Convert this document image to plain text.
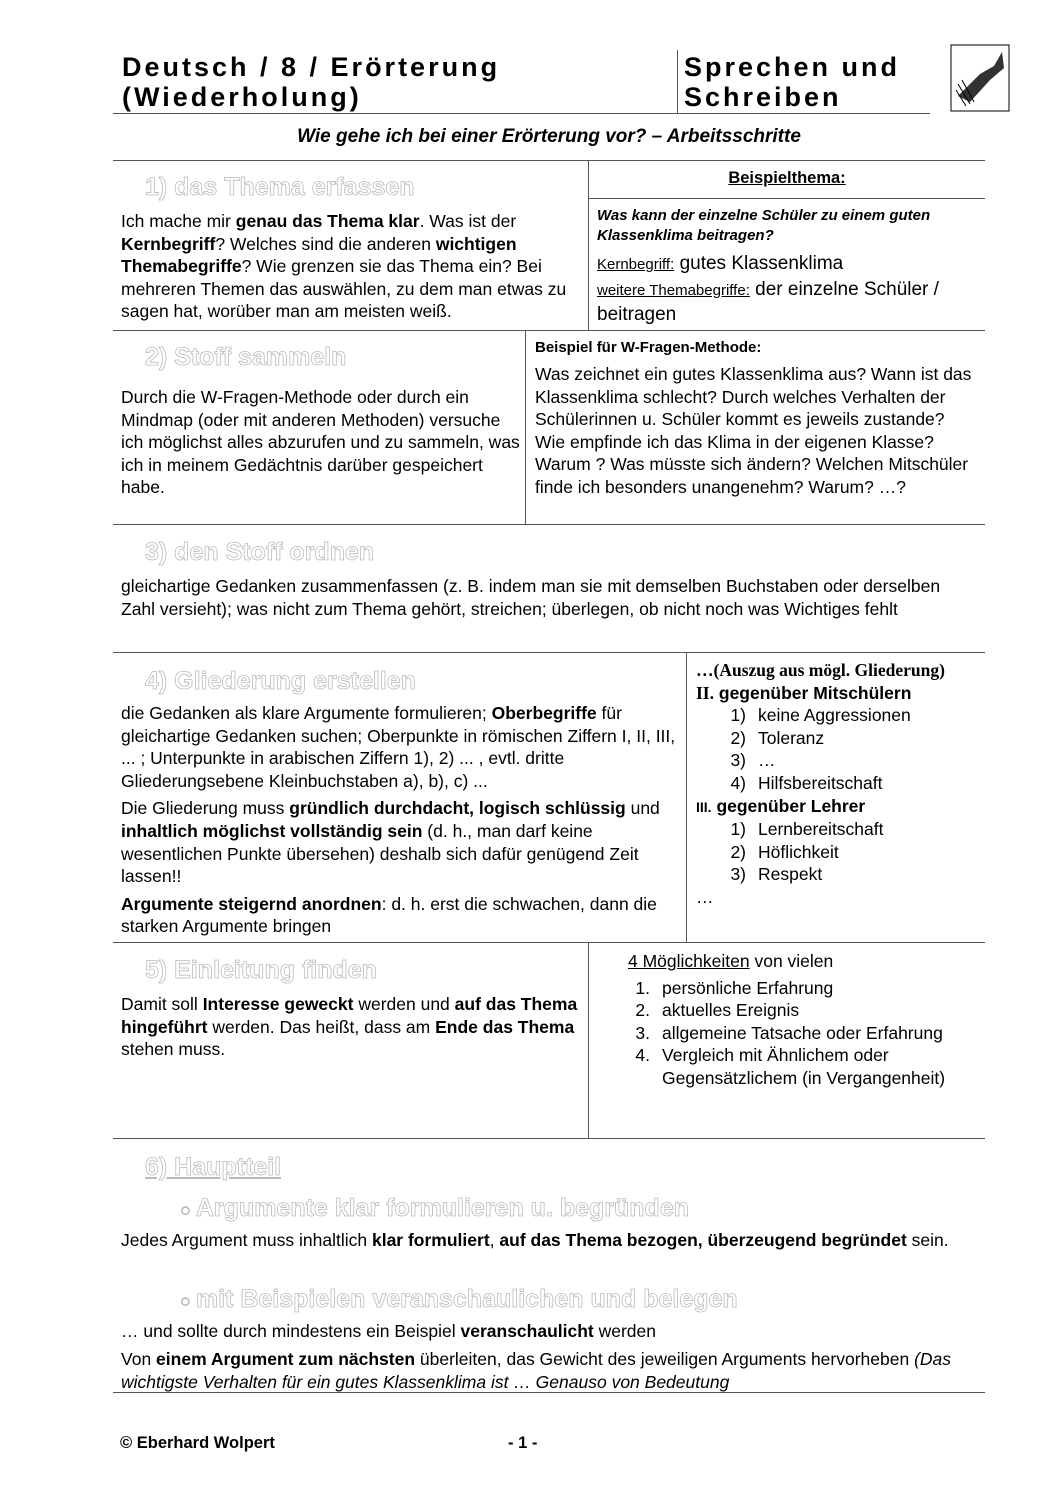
Deutsch / 8 / Erörterung
(Wiederholung)
Sprechen und
Schreiben
Wie gehe ich bei einer Erörterung vor? – Arbeitsschritte
1) das Thema erfassen
Ich mache mir genau das Thema klar. Was ist der Kernbegriff? Welches sind die anderen wichtigen Themabegriffe? Wie grenzen sie das Thema ein? Bei mehreren Themen das auswählen, zu dem man etwas zu sagen hat, worüber man am meisten weiß.
Beispielthema:
Was kann der einzelne Schüler zu einem guten Klassenklima beitragen?
Kernbegriff: gutes Klassenklima
weitere Themabegriffe: der einzelne Schüler / beitragen
2) Stoff sammeln
Durch die W-Fragen-Methode oder durch ein Mindmap (oder mit anderen Methoden) versuche ich möglichst alles abzurufen und zu sammeln, was ich in meinem Gedächtnis darüber gespeichert habe.
Beispiel für W-Fragen-Methode:
Was zeichnet ein gutes Klassenklima aus? Wann ist das Klassenklima schlecht? Durch welches Verhalten der Schülerinnen u. Schüler kommt es jeweils zustande? Wie empfinde ich das Klima in der eigenen Klasse? Warum ? Was müsste sich ändern? Welchen Mitschüler finde ich besonders unangenehm? Warum? …?
3) den Stoff ordnen
gleichartige Gedanken zusammenfassen (z. B. indem man sie mit demselben Buchstaben oder derselben Zahl versieht); was nicht zum Thema gehört, streichen; überlegen, ob nicht noch was Wichtiges fehlt
4) Gliederung erstellen
die Gedanken als klare Argumente formulieren; Oberbegriffe für gleichartige Gedanken suchen; Oberpunkte in römischen Ziffern I, II, III, ... ; Unterpunkte in arabischen Ziffern 1), 2) ... , evtl. dritte Gliederungsebene Kleinbuchstaben a), b), c) ...
Die Gliederung muss gründlich durchdacht, logisch schlüssig und inhaltlich möglichst vollständig sein (d. h., man darf keine wesentlichen Punkte übersehen) deshalb sich dafür genügend Zeit lassen!!
Argumente steigernd anordnen: d. h. erst die schwachen, dann die starken Argumente bringen
…(Auszug aus mögl. Gliederung)
II. gegenüber Mitschülern
1) keine Aggressionen
2) Toleranz
3) …
4) Hilfsbereitschaft
III. gegenüber Lehrer
1) Lernbereitschaft
2) Höflichkeit
3) Respekt
…
5) Einleitung finden
Damit soll Interesse geweckt werden und auf das Thema hingeführt werden. Das heißt, dass am Ende das Thema stehen muss.
4 Möglichkeiten von vielen
1. persönliche Erfahrung
2. aktuelles Ereignis
3. allgemeine Tatsache oder Erfahrung
4. Vergleich mit Ähnlichem oder Gegensätzlichem (in Vergangenheit)
6) Hauptteil
○ Argumente klar formulieren u. begründen
Jedes Argument muss inhaltlich klar formuliert, auf das Thema bezogen, überzeugend begründet sein.
○ mit Beispielen veranschaulichen und belegen
… und sollte durch mindestens ein Beispiel veranschaulicht werden
Von einem Argument zum nächsten überleiten, das Gewicht des jeweiligen Arguments hervorheben (Das wichtigste Verhalten für ein gutes Klassenklima ist … Genauso von Bedeutung
© Eberhard Wolpert	- 1 -
